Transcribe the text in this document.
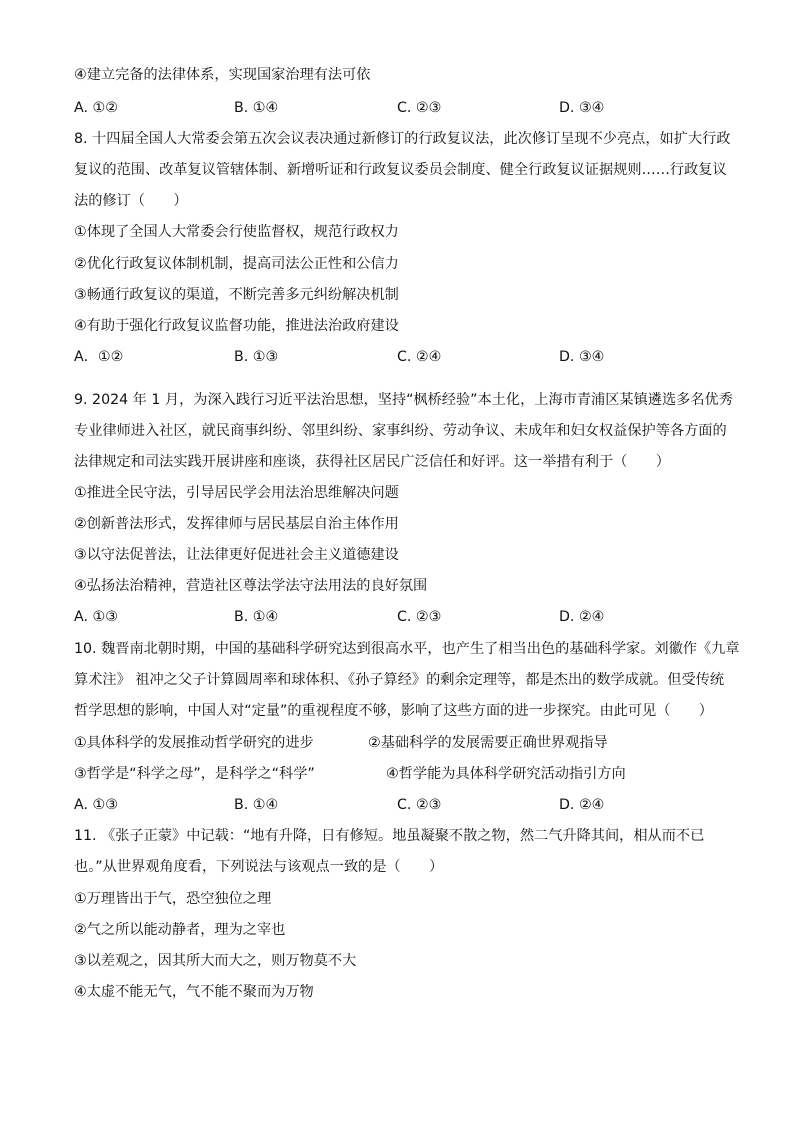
④建立完备的法律体系，实现国家治理有法可依
A. ①②	B. ①④	C. ②③	D. ③④
8. 十四届全国人大常委会第五次会议表决通过新修订的行政复议法，此次修订呈现不少亮点，如扩大行政
复议的范围、改革复议管辖体制、新增听证和行政复议委员会制度、健全行政复议证据规则……行政复议
法的修订（　　）
①体现了全国人大常委会行使监督权，规范行政权力
②优化行政复议体制机制，提高司法公正性和公信力
③畅通行政复议的渠道，不断完善多元纠纷解决机制
④有助于强化行政复议监督功能，推进法治政府建设
A．①②	B. ①③	C. ②④	D. ③④
9. 2024 年 1 月，为深入践行习近平法治思想，坚持“枫桥经验”本土化，上海市青浦区某镇遴选多名优秀
专业律师进入社区，就民商事纠纷、邻里纠纷、家事纠纷、劳动争议、未成年和妇女权益保护等各方面的
法律规定和司法实践开展讲座和座谈，获得社区居民广泛信任和好评。这一举措有利于（　　）
①推进全民守法，引导居民学会用法治思维解决问题
②创新普法形式，发挥律师与居民基层自治主体作用
③以守法促普法，让法律更好促进社会主义道德建设
④弘扬法治精神，营造社区尊法学法守法用法的良好氛围
A. ①③	B. ①④	C. ②③	D. ②④
10. 魏晋南北朝时期，中国的基础科学研究达到很高水平，也产生了相当出色的基础科学家。刘徽作《九章
算术注》 祖冲之父子计算圆周率和球体积、《孙子算经》的剩余定理等，都是杰出的数学成就。但受传统
哲学思想的影响，中国人对“定量”的重视程度不够，影响了这些方面的进一步探究。由此可见（　　）
①具体科学的发展推动哲学研究的进步	②基础科学的发展需要正确世界观指导
③哲学是“科学之母”，是科学之“科学”	④哲学能为具体科学研究活动指引方向
A. ①③	B. ①④	C. ②③	D. ②④
11. 《张子正蒙》中记载：“地有升降，日有修短。地虽凝聚不散之物，然二气升降其间，相从而不已
也。”从世界观角度看，下列说法与该观点一致的是（　　）
①万理皆出于气，恐空独位之理
②气之所以能动静者，理为之宰也
③以差观之，因其所大而大之，则万物莫不大
④太虚不能无气，气不能不聚而为万物
